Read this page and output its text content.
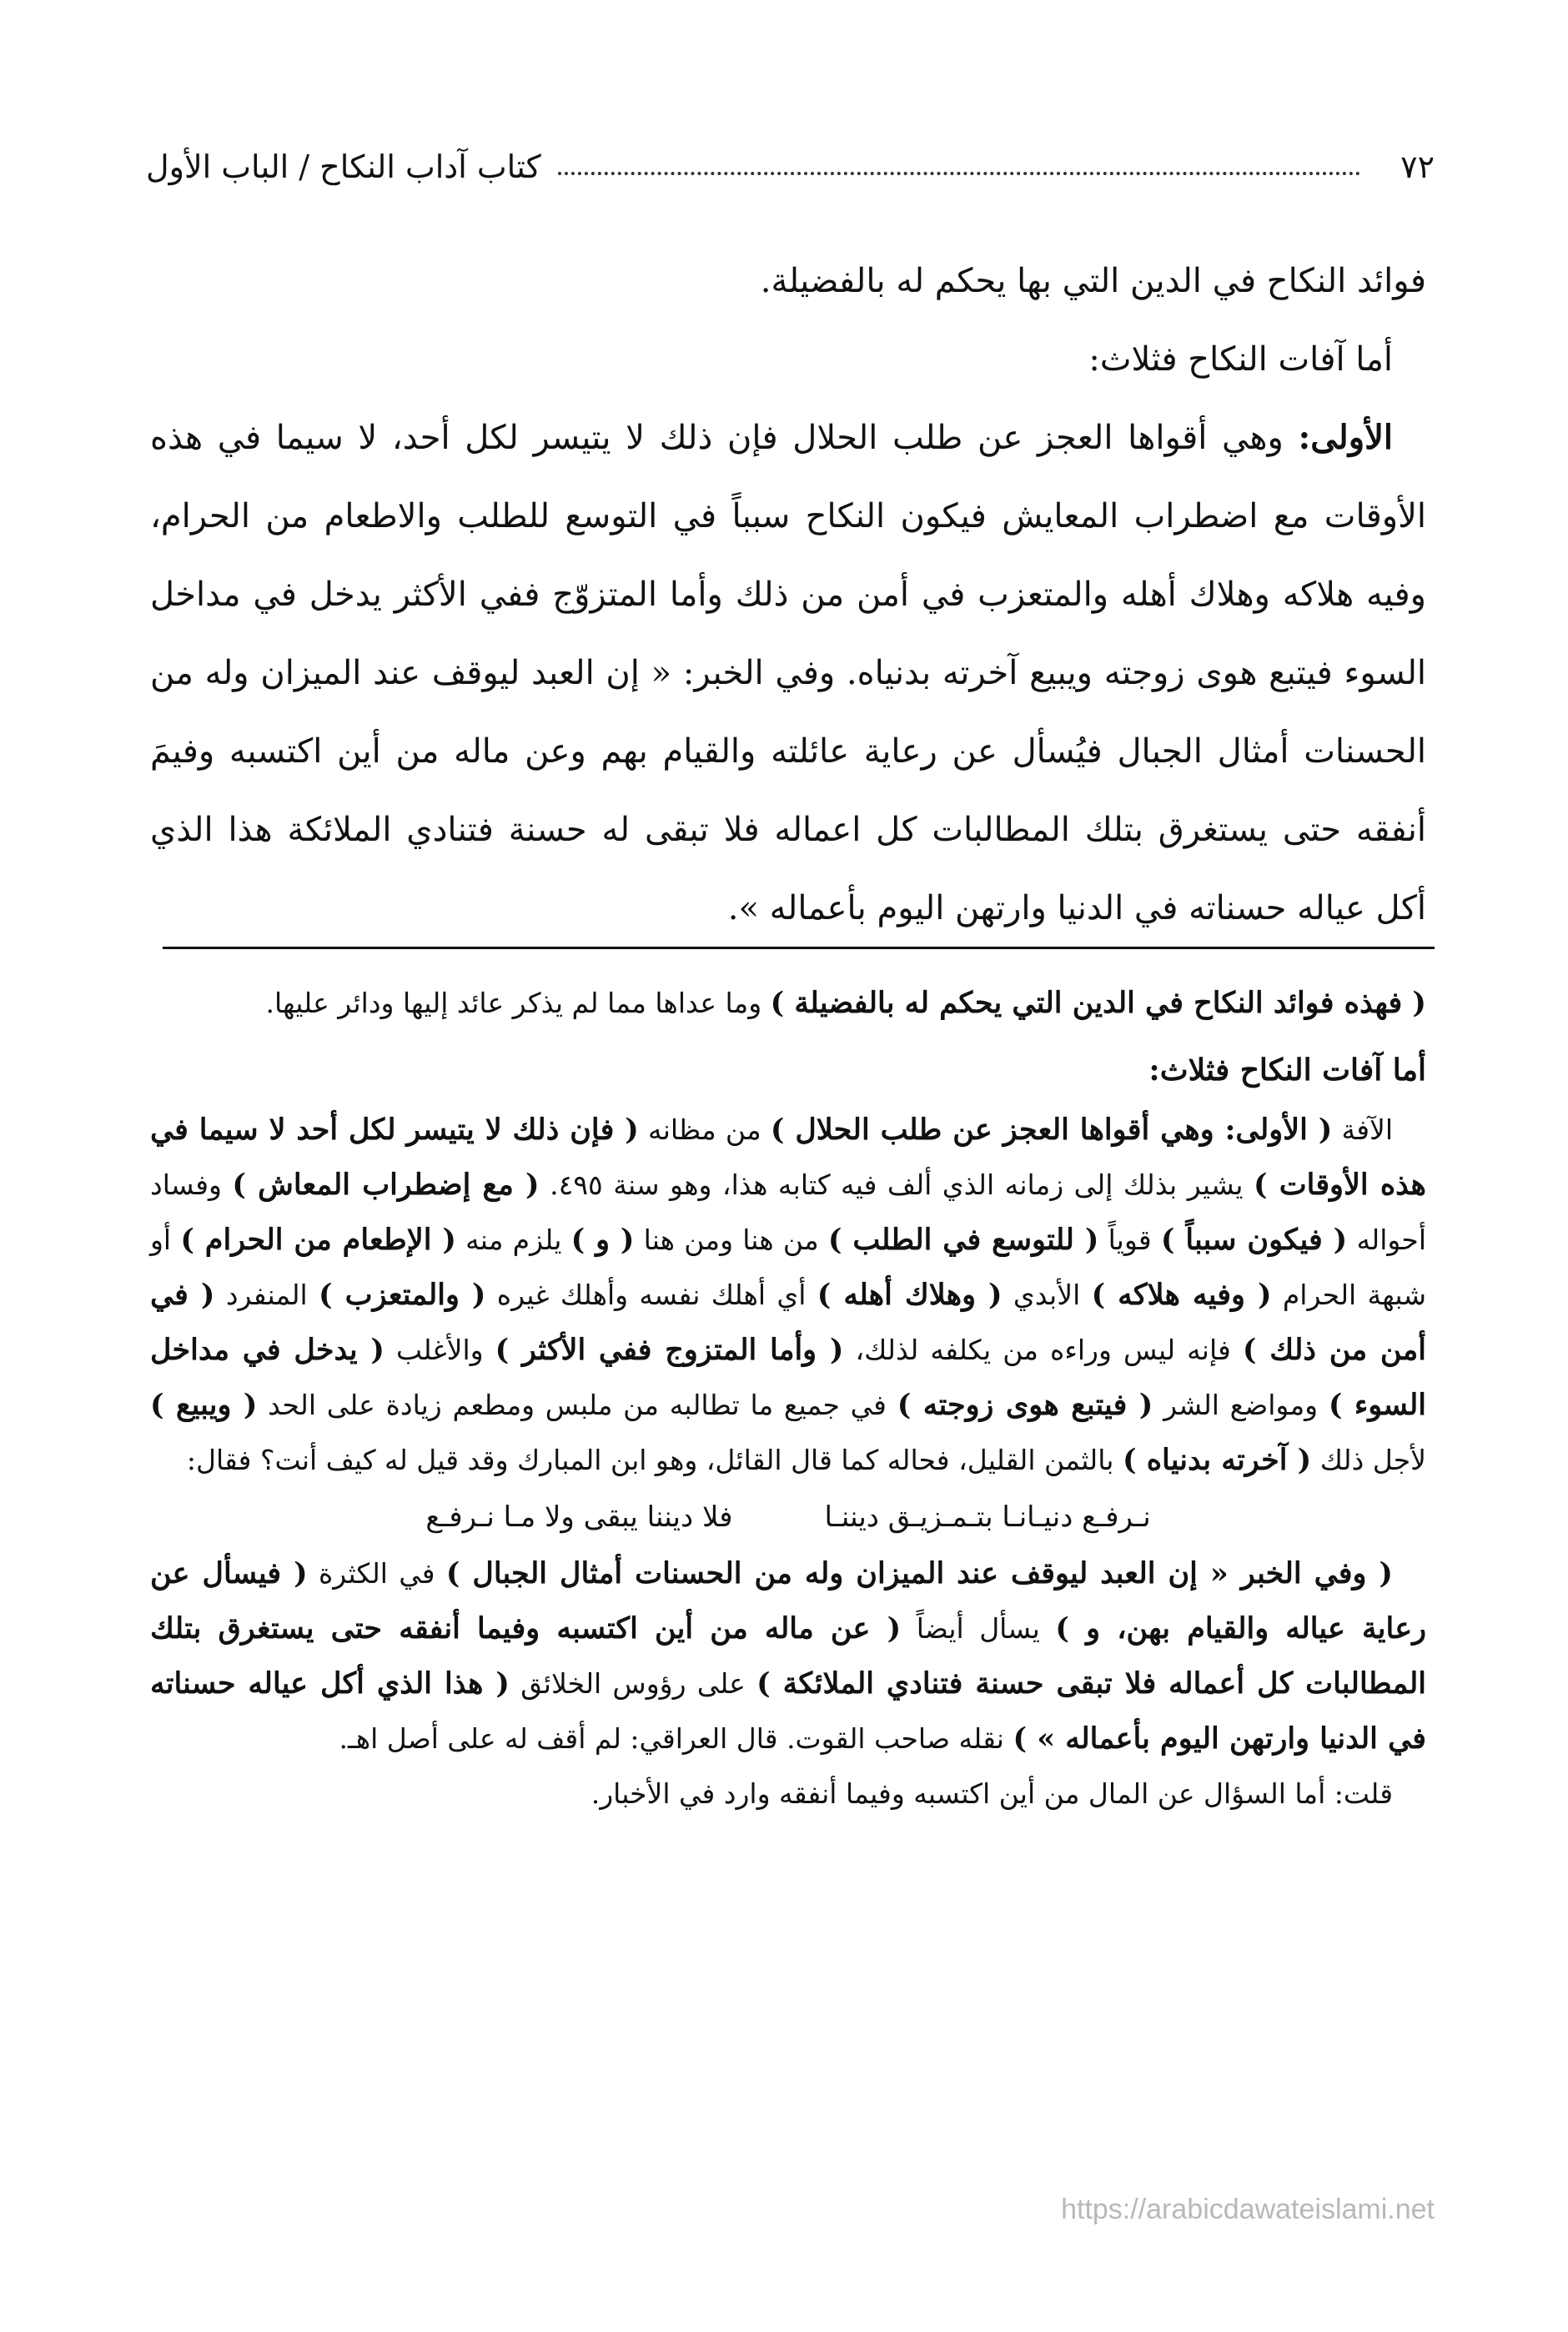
٧٢
كتاب آداب النكاح / الباب الأول

فوائد النكاح في الدين التي بها يحكم له بالفضيلة.

أما آفات النكاح فثلاث:

الأولى: وهي أقواها العجز عن طلب الحلال فإن ذلك لا يتيسر لكل أحد، لا سيما في هذه الأوقات مع اضطراب المعايش فيكون النكاح سبباً في التوسع للطلب والاطعام من الحرام، وفيه هلاكه وهلاك أهله والمتعزب في أمن من ذلك وأما المتزوّج ففي الأكثر يدخل في مداخل السوء فيتبع هوى زوجته ويبيع آخرته بدنياه. وفي الخبر: « إن العبد ليوقف عند الميزان وله من الحسنات أمثال الجبال فيُسأل عن رعاية عائلته والقيام بهم وعن ماله من أين اكتسبه وفيمَ أنفقه حتى يستغرق بتلك المطالبات كل اعماله فلا تبقى له حسنة فتنادي الملائكة هذا الذي أكل عياله حسناته في الدنيا وارتهن اليوم بأعماله ».

( فهذه فوائد النكاح في الدين التي يحكم له بالفضيلة ) وما عداها مما لم يذكر عائد إليها ودائر عليها.

أما آفات النكاح فثلاث:

الآفة ( الأولى: وهي أقواها العجز عن طلب الحلال ) من مظانه ( فإن ذلك لا يتيسر لكل أحد لا سيما في هذه الأوقات ) يشير بذلك إلى زمانه الذي ألف فيه كتابه هذا، وهو سنة ٤٩٥. ( مع إضطراب المعاش ) وفساد أحواله ( فيكون سبباً ) قوياً ( للتوسع في الطلب ) من هنا ومن هنا ( و ) يلزم منه ( الإطعام من الحرام ) أو شبهة الحرام ( وفيه هلاكه ) الأبدي ( وهلاك أهله ) أي أهلك نفسه وأهلك غيره ( والمتعزب ) المنفرد ( في أمن من ذلك ) فإنه ليس وراءه من يكلفه لذلك، ( وأما المتزوج ففي الأكثر ) والأغلب ( يدخل في مداخل السوء ) ومواضع الشر ( فيتبع هوى زوجته ) في جميع ما تطالبه من ملبس ومطعم زيادة على الحد ( ويبيع ) لأجل ذلك ( آخرته بدنياه ) بالثمن القليل، فحاله كما قال القائل، وهو ابن المبارك وقد قيل له كيف أنت؟ فقال:

نـرفـع دنيـانـا بتـمـزيـق ديننـا
فلا ديننا يبقى ولا مـا نـرفـع

( وفي الخبر « إن العبد ليوقف عند الميزان وله من الحسنات أمثال الجبال ) في الكثرة ( فيسأل عن رعاية عياله والقيام بهن، و ) يسأل أيضاً ( عن ماله من أين اكتسبه وفيما أنفقه حتى يستغرق بتلك المطالبات كل أعماله فلا تبقى حسنة فتنادي الملائكة ) على رؤوس الخلائق ( هذا الذي أكل عياله حسناته في الدنيا وارتهن اليوم بأعماله » ) نقله صاحب القوت. قال العراقي: لم أقف له على أصل اهـ.

قلت: أما السؤال عن المال من أين اكتسبه وفيما أنفقه وارد في الأخبار.

https://arabicdawateislami.net
